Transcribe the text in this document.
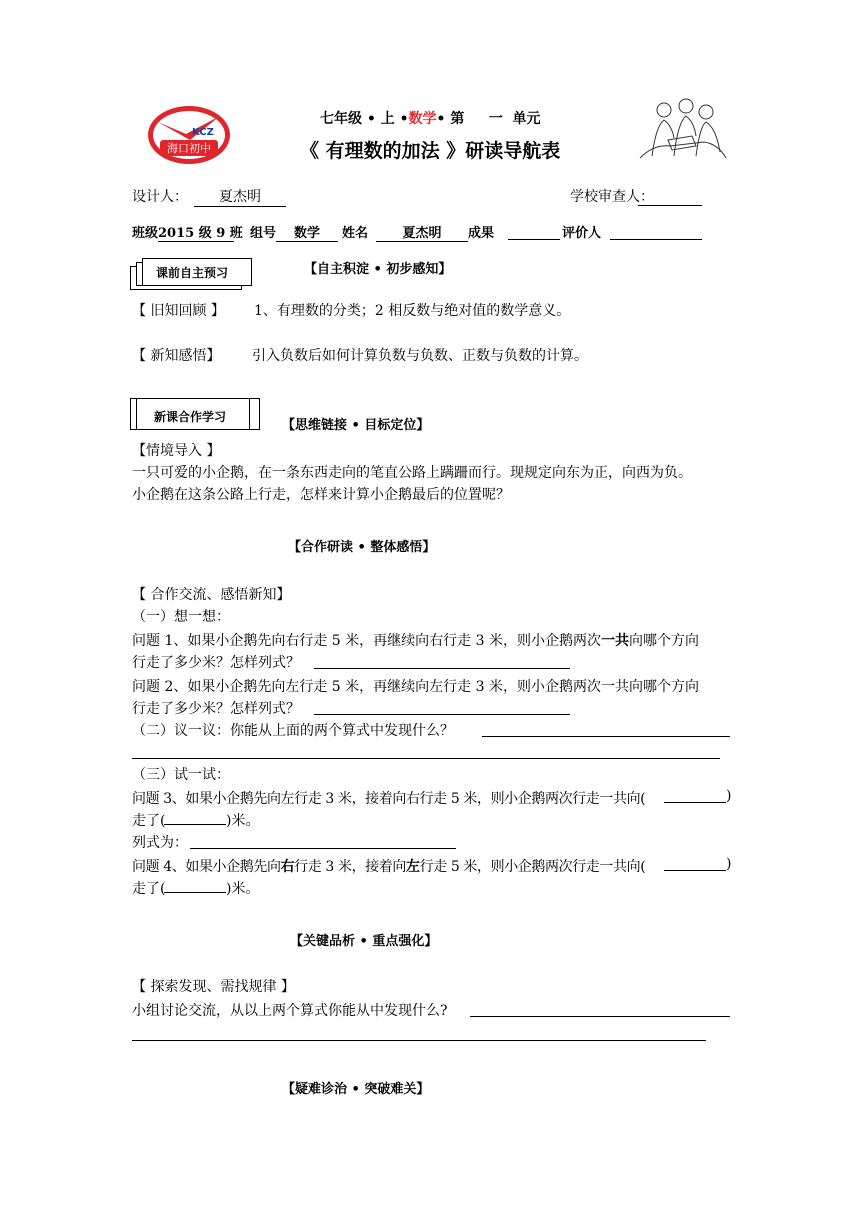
KCZ
海口初中
七年级 • 上 •数学• 第 一 单元
《 有理数的加法 》研读导航表
设计人：	夏杰明	学校审查人：
班级 2015 级 9 班 组号	数学	姓名	夏杰明	成果	评价人
课前自主预习	【自主积淀 • 初步感知】
【 旧知回顾 】 1、有理数的分类；2 相反数与绝对值的数学意义。
【 新知感悟】 引入负数后如何计算负数与负数、正数与负数的计算。
新课合作学习
【思维链接 • 目标定位】
【情境导入 】
一只可爱的小企鹅，在一条东西走向的笔直公路上蹒跚而行。现规定向东为正，向西为负。
小企鹅在这条公路上行走，怎样来计算小企鹅最后的位置呢？
【合作研读 • 整体感悟】
【 合作交流、感悟新知】
（一）想一想：
问题 1、如果小企鹅先向右行走 5 米，再继续向右行走 3 米，则小企鹅两次一共向哪个方向
行走了多少米？怎样列式？
问题 2、如果小企鹅先向左行走 5 米，再继续向左行走 3 米，则小企鹅两次一共向哪个方向
行走了多少米？怎样列式？
（二）议一议：你能从上面的两个算式中发现什么？
（三）试一试：
问题 3、如果小企鹅先向左行走 3 米，接着向右行走 5 米，则小企鹅两次行走一共向(	)
走了(	)米。
列式为：
问题 4、如果小企鹅先向右行走 3 米，接着向左行走 5 米，则小企鹅两次行走一共向(	)
走了(	)米。
【关键品析 • 重点强化】
【 探索发现、需找规律 】
小组讨论交流，从以上两个算式你能从中发现什么?
【疑难诊治 • 突破难关】
